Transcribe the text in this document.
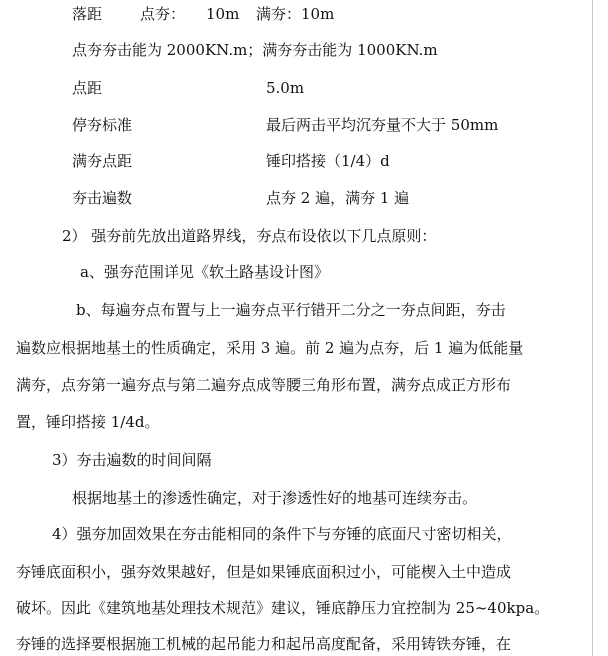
落距	点夯： 10m 满夯：10m
点夯夯击能为 2000KN.m；满夯夯击能为 1000KN.m
点距	5.0m
停夯标准	最后两击平均沉夯量不大于 50mm
满夯点距	锤印搭接（1/4）d
夯击遍数	点夯 2 遍，满夯 1 遍
2） 强夯前先放出道路界线，夯点布设依以下几点原则：
a、强夯范围详见《软土路基设计图》
b、每遍夯点布置与上一遍夯点平行错开二分之一夯点间距，夯击
遍数应根据地基土的性质确定，采用 3 遍。前 2 遍为点夯，后 1 遍为低能量
满夯，点夯第一遍夯点与第二遍夯点成等腰三角形布置，满夯点成正方形布
置，锤印搭接 1/4d。
3）夯击遍数的时间间隔
根据地基土的渗透性确定，对于渗透性好的地基可连续夯击。
4）强夯加固效果在夯击能相同的条件下与夯锤的底面尺寸密切相关，
夯锤底面积小，强夯效果越好，但是如果锤底面积过小，可能楔入土中造成
破坏。因此《建筑地基处理技术规范》建议，锤底静压力宜控制为 25~40kpa。
夯锤的选择要根据施工机械的起吊能力和起吊高度配备，采用铸铁夯锤，在
